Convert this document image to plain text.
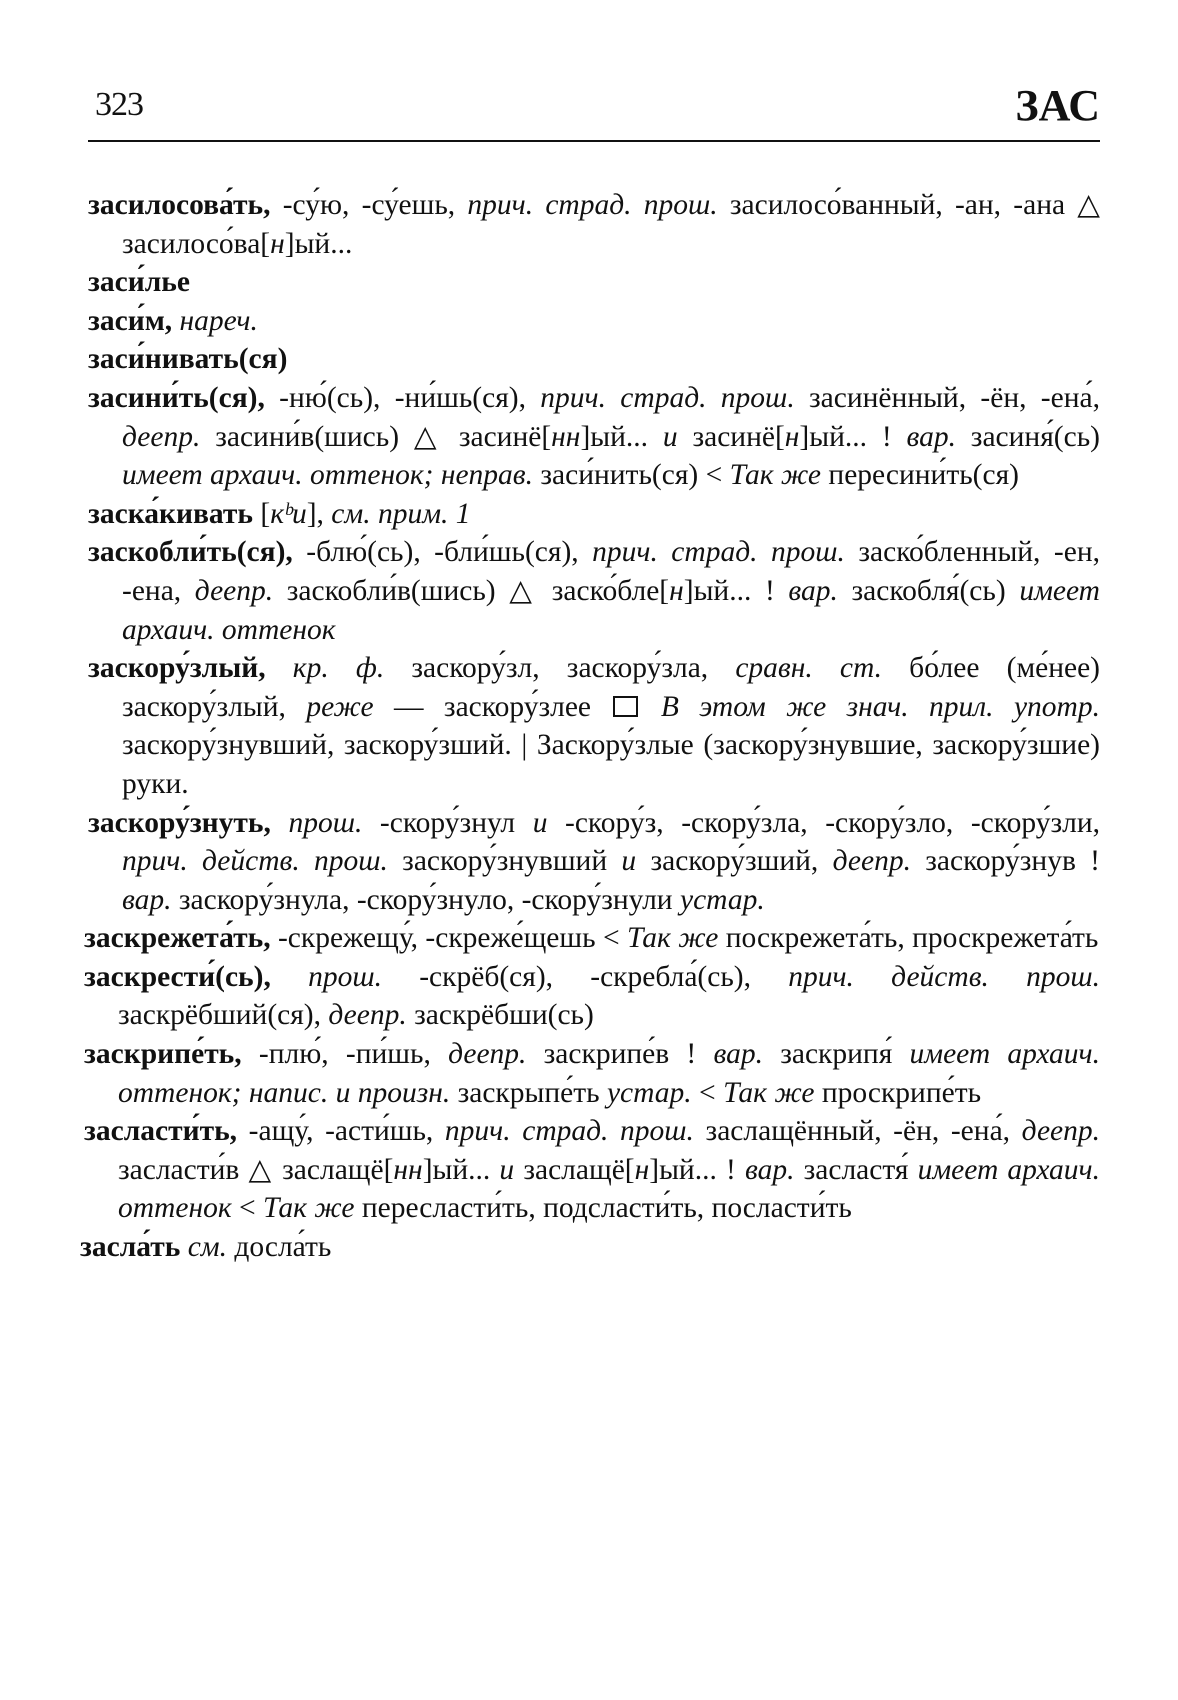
323	ЗАС

засилосова́ть, -су́ю, -су́ешь, прич. страд. прош. засилосо́ванный, -ан, -ана △ засилосо́ва[н]ый...

заси́лье

заси́м, нареч.

заси́нивать(ся)

засини́ть(ся), -ню́(сь), -ни́шь(ся), прич. страд. прош. засинённый, -ён, -ена́, деепр. засини́в(шись) △ засинё[нн]ый... и засинё[н]ый... ! вар. засиня́(сь) имеет архаич. оттенок; неправ. заси́нить(ся) < Так же пересини́ть(ся)

заска́кивать [кᵇи], см. прим. 1

заскобли́ть(ся), -блю́(сь), -бли́шь(ся), прич. страд. прош. заско́бленный, -ен, -ена, деепр. заскобли́в(шись) △ заско́бле[н]ый... ! вар. заскобля́(сь) имеет архаич. оттенок

заскору́злый, кр. ф. заскору́зл, заскору́зла, сравн. ст. бо́лее (ме́нее) заскору́злый, реже — заскору́злее  В этом же знач. прил. употр. заскору́знувший, заскору́зший. | Заскору́злые (заскору́знувшие, заскору́зшие) руки.

заскору́знуть, прош. -скору́знул и -скору́з, -скору́зла, -скору́зло, -скору́зли, прич. действ. прош. заскору́знувший и заскору́зший, деепр. заскору́знув ! вар. заскору́знула, -скору́знуло, -скору́знули устар.

заскрежета́ть, -скрежещу́, -скреже́щешь < Так же поскрежета́ть, проскрежета́ть

заскрести́(сь), прош. -скрёб(ся), -скребла́(сь), прич. действ. прош. заскрёбший(ся), деепр. заскрёбши(сь)

заскрипе́ть, -плю́, -пи́шь, деепр. заскрипе́в ! вар. заскрипя́ имеет архаич. оттенок; напис. и произн. заскрыпе́ть устар. < Так же проскрипе́ть

засласти́ть, -ащу́, -асти́шь, прич. страд. прош. заслащённый, -ён, -ена́, деепр. засласти́в △ заслащё[нн]ый... и заслащё[н]ый... ! вар. засластя́ имеет архаич. оттенок < Так же пересласти́ть, подсласти́ть, посласти́ть

засла́ть см. досла́ть
